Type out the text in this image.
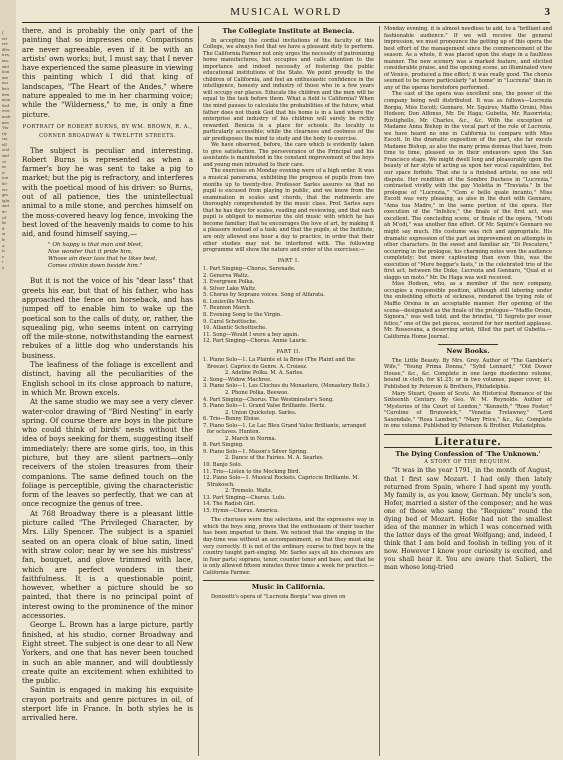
(
ert
ree
dles
tres,
tan,
and
iton
use
our
heir
tten
nion
ilad
ever
mob
nen
Vor
rly
sor
elf
ood
end
ce
ne
rt
ion
tit-
ers
ges
ight
and
m-
rd
he
d
ar
le
a.
ls
e
t
y
MUSICAL WORLD	3

there, and is probably the only part of the painting that so impresses one. Comparisons are never agreeable, even if it be with an artists' own works; but, I must say, that I never have experienced the same pleasure in viewing this painting which I did that king of landscapes, "The Heart of the Andes," where nature appealed to me in her charming voice; while the "Wilderness," to me, is only a fine picture.

PORTRAIT OF ROBERT BURNS, BY WM. BROWN, R. A., CORNER BROADWAY & TWELFTH STREETS.

The subject is peculiar and interesting. Robert Burns is represented as when a farmer's boy he was sent to take a pig to market; but the pig is refractory, and interferes with the poetical mood of his driver: so Burns, out of all patience, ties the unintellectual animal to a mile stone, and perches himself on the moss-covered heavy log fence, invoking the best loved of the heavenly maids to come to his aid, and found himself saying,—

" Oh happy is that man and blest,
Noe wonder that it pride him,
Whose ain dear lass that he likes best,
Comes clinkin down beside him."

But it is not the voice of his "dear lass" that greets his ear, but that of his father, who has approached the fence on horseback, and has jumped off to enable him to wake up the poetical son to the calls of duty, or, rather, the squealing pig, who seems intent on carrying off the mile-stone, notwithstanding the earnest rebukes of a little dog who understands his business.

The leafiness of the foliage is excellent and distinct, having all the peculiarities of the English school in its close approach to nature, in which Mr. Brown excels.

At the same studio we may see a very clever water-color drawing of "Bird Nesting" in early spring. Of course there are boys in the picture who could think of birds' nests without the idea of boys seeking for them, suggesting itself immediately: there are some girls, too, in this picture, but they are silent partners—only receivers of the stolen treasures from their companions. The same defined touch on the foliage is perceptible, giving the characteristic form of the leaves so perfectly, that we can at once recognize the genus of tree.

At 768 Broadway there is a pleasant little picture called "The Privileged Character, by Mrs. Lilly Spencer. The subject is a spaniel seated on an opera cloak of blue satin, lined with straw color; near by we see his mistress' fan, bouquet, and glove trimmed with lace, which are perfect wonders in their faithfulness. It is a questionable point, however, whether a picture should be so painted, that there is no principal point of interest owing to the prominence of the minor accessories.

George L. Brown has a large picture, partly finished, at his studio, corner Broadway and Eight street. The subject is one dear to all New Yorkers, and one that has never been touched in such an able manner, and will doubtlessly create quite an excitement when exhibited to the public.

Saintin is engaged in making his exquisite crayon portraits and genre pictures in oil, of sterport life in France. In both styles he is arrivalled here.

The Collegiate Institute at Benecia.

In accepting the cordial invitations of the faculty of this College, we always feel that we have a pleasant duty to perform. The California Farmer not only urges the necessity of patronizing home manufactures, but occupies and calls attention to the importance and indeed necessity of fostering the public educational institutions of the State. We point proudly to the children of California, and feel an enthusiastic confidence in the intelligence, honesty and industry of those who in a few years will occupy our places. Educate the children and the men will be equal to the task before them. What a field is California? When the mind pauses to calculate the probabilities of the future, what father does not thank God that his home is in a land where the enterprise and industry of his children will surely be richly rewarded. Benicia is a place for schools. Its locality is particularly accessible; while the clearness and coolness of the air predisposes the mind to study and the body to exercise.

We have observed, before, the care which is evidently taken to give satisfaction. The perseverance of the Principal and his assistants is manifested in the constant improvement of the boys and young men intrusted to their care.

The exercises on Monday evening were of a high order. It was a musical panorama, exhibiting the progress of pupils from two months up to twenty-five. Professor Sarles assures us that no pupil is excused from playing in public, and we know from the examination in scales and chords, that the rudiments are thoroughly comprehended by the music class. Prof. Sarles says that he has days for scales, reading and reviewing, and that each pupil is obliged to memorize the old music with which he has become familiar; that he encourages the love of art, by making it a pleasure instead of a task; and that the pupils, at the Institute, are only allowed one hour a day to practice, in order that their other studies may not be interfered with. The following programme will show the nature and order of the exercises:—

PART I.
1. Part Singing—Chorus. Serenade.
2. Generva Waltz.
3. Evergreen Polka.
4. Silver Lake Waltz.
5. Chorus by Soprano voices. Song of Alfarata.
6. Louisville March.
7. Reunion March.
8. Evening Song to the Virgin.
9. Carol Schottische.
10. Atlantic Schottische.
11. Song—Would I were a boy again.
12. Part Singing—Chorus. Annie Laurie.
PART II.
1. Piano Solo—1. La Plainte et la Brise (The Plaint and the Breeze). Caprice de Genre. A. Croisez.
2. Adeline Polka. M. A. Sarles.
2. Song—Widow Machree.
3. Piano Solo—1. Les Cloches du Monastere, (Monastery Bells.)
2. Phone Polka. Beewoo.
4. Part Singing—Chorus. The Westminster's Song.
5. Piano Solo—1. Grand Valse Brilliante. Hertz.
2. Union Quickstep. Sarles.
6. Trio—Bonny Eloise.
7. Piano Solo—1. Le Lac Bleu Grand Valse Brilliante, arranged for octaves. Hunten.
2. March in Norma.
8. Part Singing.
9. Piano Solo—1. Mason's Silver Spring.
2. Dance of the Fairies. M. A. Searles.
10. Banjo Solo.
11. Trio—Listen to the Mocking Bird.
12. Piano Solo—1. Musical Rockets. Capriccio Brilliante. M. Strakosch.
2. Tremolo. Waltz.
13. Part Singing—Chorus. Lulu.
14. The Radish Girl.
15. Hymn—Chorus. America.

The choruses were fine selections, and the expressive way in which the boys sing, proves that the enthusiasm of their teacher has been imparted to them. We noticed that the singing in the day-time was without an accompaniment, so that they must sing very correctly. It is not of the ordinary course to find boys in the country taught part-singing. Mr. Sarles says all his choruses are in four parts; soprano, tenor, counter tenor and bass, and that he is only allowed fifteen minutes three times a week for practice.—California Farmer.

Music in California.

Donizetti's opera of "Lucrezia Borgia" was given on

Monday evening, it is almost needless to add, to a "brilliant and fashionable audience." If we will receive the general impression, we must pronounce the getting up of this opera the best effort of the management since the commencement of the season. As a whole, it was placed upon the stage in a faultless manner. The new scenery was a marked feature, and elicited considerable praise, and the opening scene, an illuminated view of Venice, produced a fine effect; it was really good. The chorus seemed to be more particularly "at home" in "Lucrezia" than in any of the operas heretofore performed.

The cast of the opera was excellent one, the power of the company being well distributed. It was as follows—Lucrezia Borgia, Miss Escott; Gennaro, Mr. Squires; Maffio Orsini, Miss Hodson; Don Alfonso, Mr. De Haga; Gubetta, Mr. Rasorrista; Rustighello, Mr. Charles, &c., &c. With the exception of Madame Anna Bishop in the vocal part of the role of Lucrezia, we have heard no one in California to compare with Miss Escott. In the dramatic exposition of the part, she far excels Madame Bishop, as also the many prima donnas that have, from time to time, pleased us in their endeavors upon the San Francisco stage. We might dwell long and pleasurably upon the beauty of her style of acting as upon her vocal capabilities, but our space forbids. That she is a finished artiste, no one will dispute. Her rendition of the Sombre Duchess in "Lucrezia," contrasted vividly with the gay Violetta in "Traviata." In the prologue of "Lucrezia," "Com e bello quale incanto," Miss Escott was very pleasing, as also in the duet with Gennaro, "Ama tua Madre," in the same portion of the opera. Her execution of the "Infelice," the finale of the first act, was excellent. The concluding scene, or finale of the opera, "M'odi ah M'odi," was another fine effort. Of Mr. Squire's Gennaro we might say much. His costume was rich and appropriate. His dramatic expression of the part an improvement on attempts in other characters. In the sweet and familiar air, "Di Pescatore," occurring in the prologue, his charming notes won the audience completely; but more captivating than even this, was the execution of "Mere beggar's fasts," in the celebrated trio of the first act, between the Duke, Lucrezia and Gennaro, "Qual ei si slaggo un moto." Mr. De Haga was well received.

Miss Hodson, who, as a member of the new company, occupies a responsible position, although still laboring under the enfeebling effects of sickness, rendered the trying role of Maffio Orsina in an acceptable manner. Her opening of the scena—designated as the finale of the prologue—"Maffio Orsini, Signora," was well told, and the brindisi, "Il Segreto per esser felice," one of the pet pieces, secured for her merited applause. Mr. Rossovana, a deserving artist, filled the part of Gubetta.—California Home Journal.

New Books.

The Little Beauty. By Mrs. Grey. Author of "The Gambler's Wife," "Young Prima Donna," "Sybil Lennard," "Old Dower House," &c., &c. Complete in one large duodecimo volume, bound in cloth, for $1.25; or in two volumes, paper cover, $1. Published by Peterson & Brothers, Philadelphia.

Mary Stuart, Queen of Scots. An Historical Romance of the Sixteenth Century. By Geo. W. M. Reynolds. Author of "Mysteries of the Court of London," "Kenneth," "Rose Foster," "Caroline of Brunswick," "Venetia Trelawney," "Lord Saxondale," "Rosa Lambert," "Mary Price," &c., &c. Complete in one volume. Published by Peterson & Brother, Philadelphia.

Literature.
The Dying Confession of 'The Unknown.'
A STORY OF THE REQUIEM.

"It was in the year 1791, in the month of August, that I first saw Mozart. I had only then lately returned from Spain, where I had spent my youth. My family is, as you know, German. My uncle's son, Hofer, married a sister of the composer; and he was one of those who sang the "Requiem" round the dying bed of Mozart. Hofer had not the smallest idea of the manner in which I was concerned with the latter days of the great Wolfgang; and, indeed, I think that I am bold and foolish in telling you of it now. However I know your curiosity is excited, and you shall hear it. You are aware that Salieri, the man whose long-tried
